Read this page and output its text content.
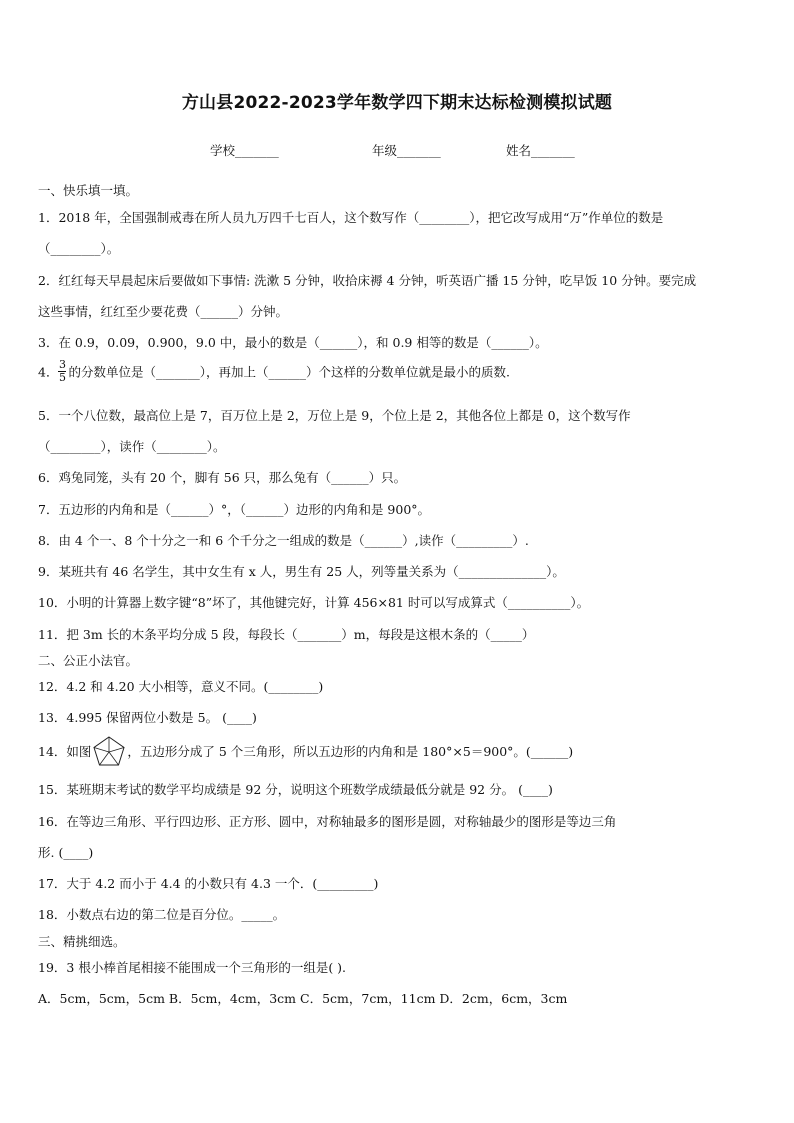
方山县2022-2023学年数学四下期末达标检测模拟试题
学校_______	年级_______	姓名_______
一、快乐填一填。
1．2018 年，全国强制戒毒在所人员九万四千七百人，这个数写作（________），把它改写成用“万”作单位的数是
（________）。
2．红红每天早晨起床后要做如下事情: 洗漱 5 分钟，收拾床褥 4 分钟，听英语广播 15 分钟，吃早饭 10 分钟。要完成
这些事情，红红至少要花费（______）分钟。
3．在 0.9，0.09，0.900，9.0 中，最小的数是（______），和 0.9 相等的数是（______）。
4． $\frac{3}{5}$ 的分数单位是（_______），再加上（______）个这样的分数单位就是最小的质数.
5．一个八位数，最高位上是 7，百万位上是 2，万位上是 9，个位上是 2，其他各位上都是 0，这个数写作
（________），读作（________）。
6．鸡兔同笼，头有 20 个，脚有 56 只，那么兔有（______）只。
7．五边形的内角和是（______）°，（______）边形的内角和是 900°。
8．由 4 个一、8 个十分之一和 6 个千分之一组成的数是（______）,读作（_________）.
9．某班共有 46 名学生，其中女生有 x 人，男生有 25 人，列等量关系为（______________）。
10．小明的计算器上数字键“8”坏了，其他键完好，计算 456×81 时可以写成算式（__________）。
11．把 3m 长的木条平均分成 5 段，每段长（_______）m，每段是这根木条的（_____）
二、公正小法官。
12．4.2 和 4.20 大小相等，意义不同。(________)
13．4.995 保留两位小数是 5。 (____)
14．如图	，五边形分成了 5 个三角形，所以五边形的内角和是 180°×5＝900°。(______)
15．某班期末考试的数学平均成绩是 92 分，说明这个班数学成绩最低分就是 92 分。 (____)
16．在等边三角形、平行四边形、正方形、圆中，对称轴最多的图形是圆，对称轴最少的图形是等边三角
形. (____)
17．大于 4.2 而小于 4.4 的小数只有 4.3 一个．(_________)
18．小数点右边的第二位是百分位。_____。
三、精挑细选。
19．3 根小棒首尾相接不能围成一个三角形的一组是( ).
A．5cm，5cm，5cm B．5cm，4cm，3cm C．5cm，7cm，11cm D．2cm，6cm，3cm
